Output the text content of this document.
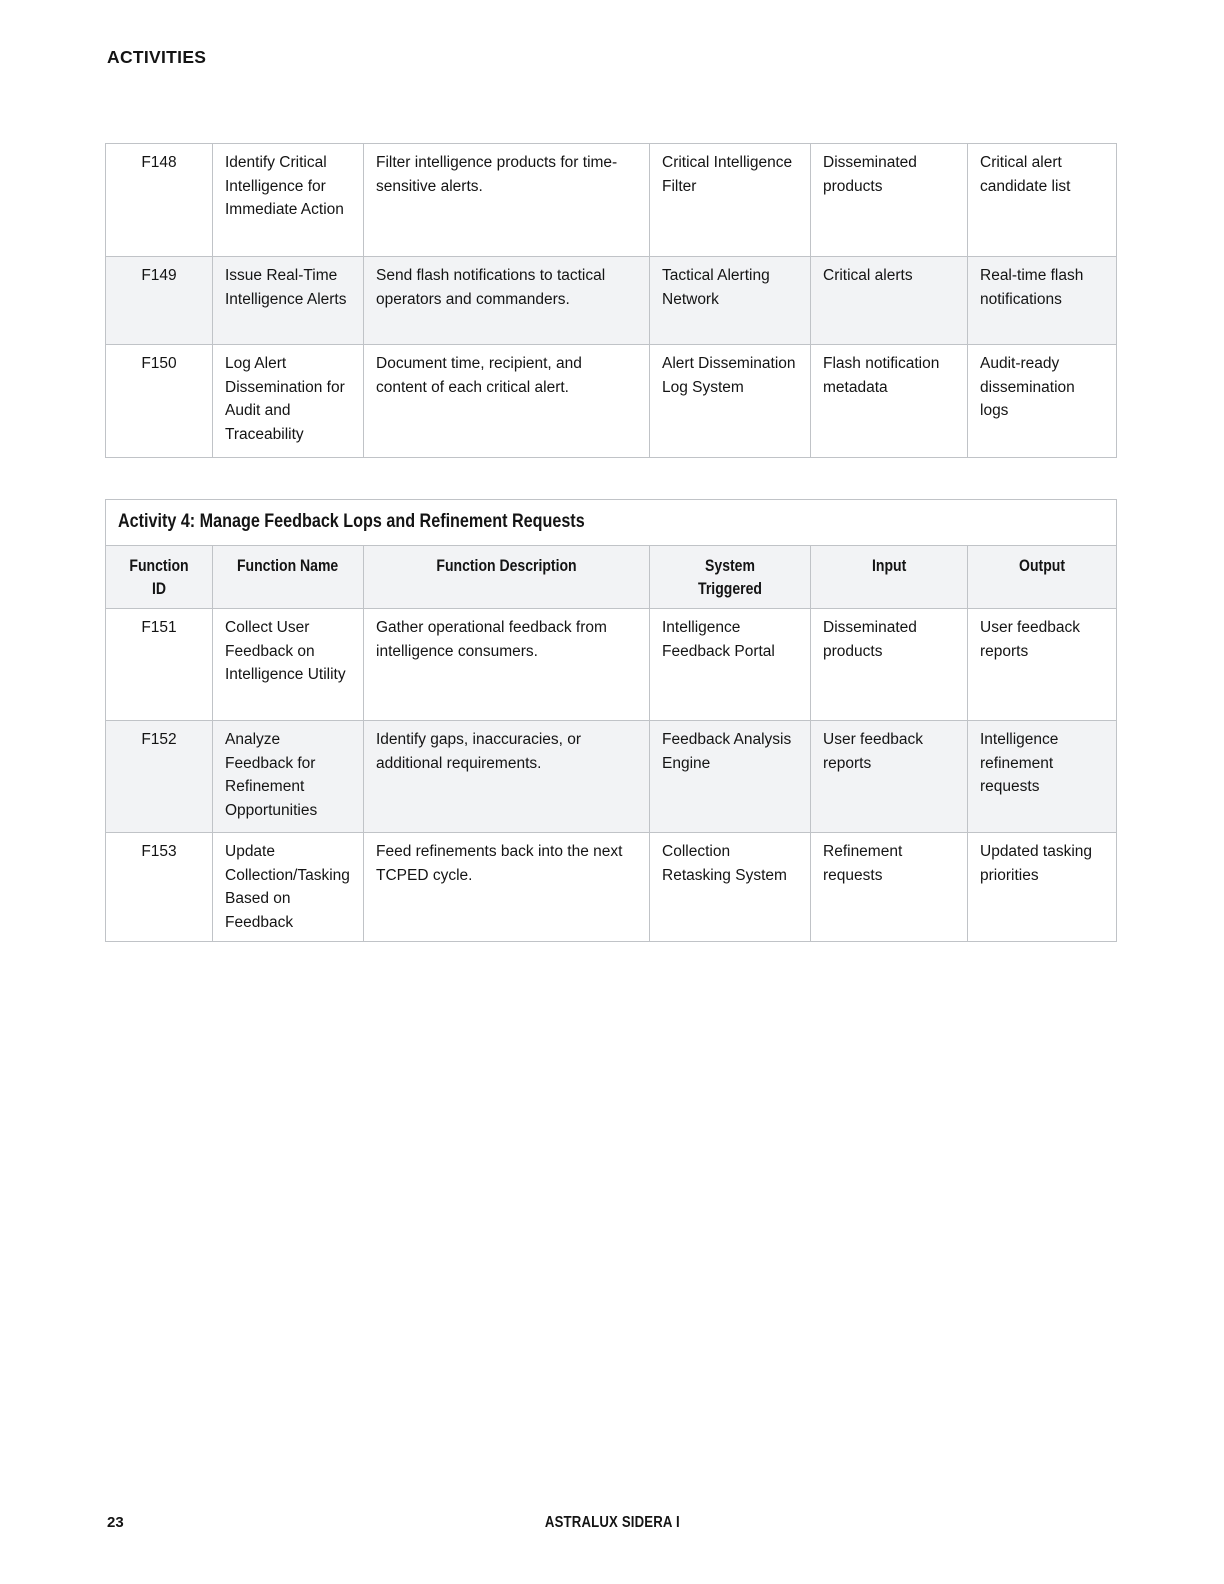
ACTIVITIES
F148	Identify Critical Intelligence for Immediate Action	Filter intelligence products for time-sensitive alerts.	Critical Intelligence Filter	Disseminated products	Critical alert candidate list
F149	Issue Real-Time Intelligence Alerts	Send flash notifications to tactical operators and commanders.	Tactical Alerting Network	Critical alerts	Real-time flash notifications
F150	Log Alert Dissemination for Audit and Traceability	Document time, recipient, and content of each critical alert.	Alert Dissemination Log System	Flash notification metadata	Audit-ready dissemination logs
Activity 4: Manage Feedback Lops and Refinement Requests					
Function ID	Function Name	Function Description	System Triggered	Input	Output
F151	Collect User Feedback on Intelligence Utility	Gather operational feedback from intelligence consumers.	Intelligence Feedback Portal	Disseminated products	User feedback reports
F152	Analyze Feedback for Refinement Opportunities	Identify gaps, inaccuracies, or additional requirements.	Feedback Analysis Engine	User feedback reports	Intelligence refinement requests
F153	Update Collection/Tasking Based on Feedback	Feed refinements back into the next TCPED cycle.	Collection Retasking System	Refinement requests	Updated tasking priorities
23	ASTRALUX SIDERA I
